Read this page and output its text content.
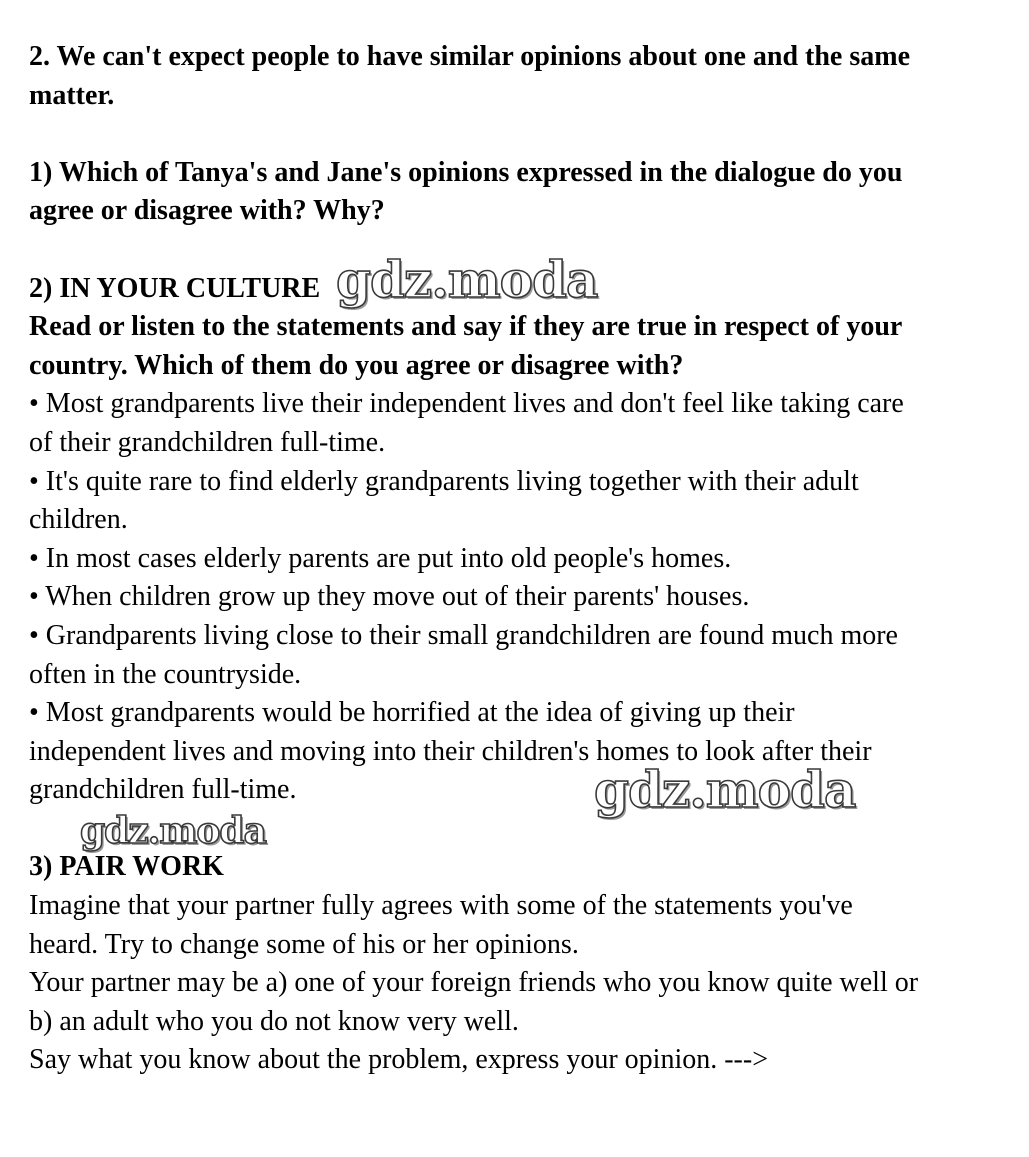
2. We can't expect people to have similar opinions about one and the same

matter.

1) Which of Tanya's and Jane's opinions expressed in the dialogue do you

agree or disagree with? Why?

2) IN YOUR CULTURE

Read or listen to the statements and say if they are true in respect of your

country. Which of them do you agree or disagree with?

• Most grandparents live their independent lives and don't feel like taking care

of their grandchildren full-time.

• It's quite rare to find elderly grandparents living together with their adult

children.

• In most cases elderly parents are put into old people's homes.

• When children grow up they move out of their parents' houses.

• Grandparents living close to their small grandchildren are found much more

often in the countryside.

• Most grandparents would be horrified at the idea of giving up their

independent lives and moving into their children's homes to look after their

grandchildren full-time.

3) PAIR WORK

Imagine that your partner fully agrees with some of the statements you've

heard. Try to change some of his or her opinions.

Your partner may be a) one of your foreign friends who you know quite well or

b) an adult who you do not know very well.

Say what you know about the problem, express your opinion. --->

gdz.moda
gdz.moda
gdz.moda
